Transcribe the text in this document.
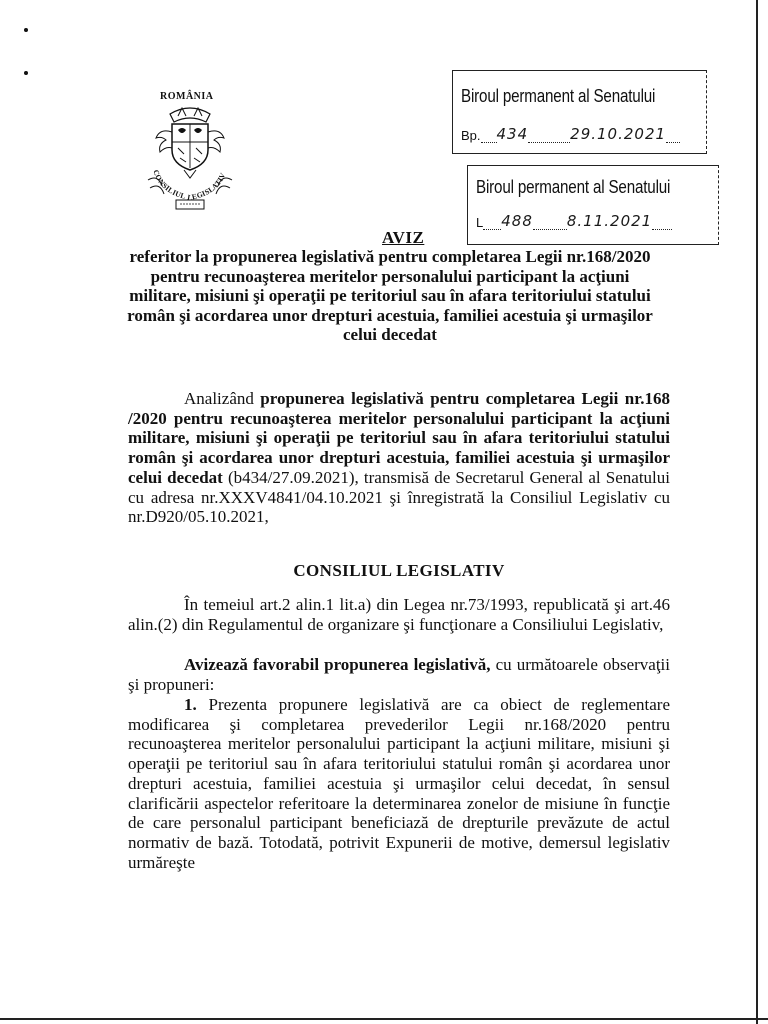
ROMÂNIA
CONSILIUL LEGISLATIV
Biroul permanent al Senatului
Bp. 434	29.10.2021
Biroul permanent al Senatului
L 488 8.11.2021
AVIZ
referitor la propunerea legislativă pentru completarea Legii nr.168/2020 pentru recunoaşterea meritelor personalului participant la acţiuni militare, misiuni şi operaţii pe teritoriul sau în afara teritoriului statului român şi acordarea unor drepturi acestuia, familiei acestuia şi urmaşilor celui decedat
Analizând propunerea legislativă pentru completarea Legii nr.168 /2020 pentru recunoaşterea meritelor personalului participant la acţiuni militare, misiuni şi operaţii pe teritoriul sau în afara teritoriului statului român şi acordarea unor drepturi acestuia, familiei acestuia şi urmaşilor celui decedat (b434/27.09.2021), transmisă de Secretarul General al Senatului cu adresa nr.XXXV4841/04.10.2021 şi înregistrată la Consiliul Legislativ cu nr.D920/05.10.2021,
CONSILIUL LEGISLATIV
În temeiul art.2 alin.1 lit.a) din Legea nr.73/1993, republicată şi art.46 alin.(2) din Regulamentul de organizare şi funcţionare a Consiliului Legislativ,
Avizează favorabil propunerea legislativă, cu următoarele observaţii şi propuneri:
1. Prezenta propunere legislativă are ca obiect de reglementare modificarea şi completarea prevederilor Legii nr.168/2020 pentru recunoaşterea meritelor personalului participant la acţiuni militare, misiuni şi operaţii pe teritoriul sau în afara teritoriului statului român şi acordarea unor drepturi acestuia, familiei acestuia şi urmaşilor celui decedat, în sensul clarificării aspectelor referitoare la determinarea zonelor de misiune în funcţie de care personalul participant beneficiază de drepturile prevăzute de actul normativ de bază. Totodată, potrivit Expunerii de motive, demersul legislativ urmăreşte
